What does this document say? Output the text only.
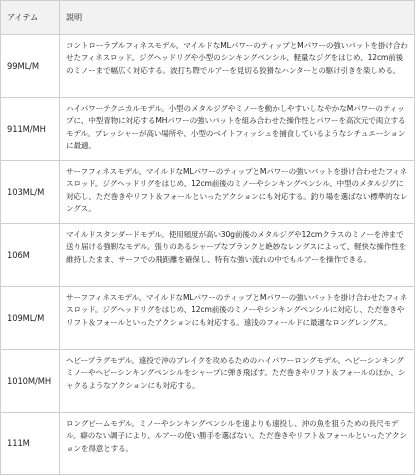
アイテム	説明
99ML/M
コントローラブルフィネスモデル。マイルドなMLパワーのティップとMパワーの強いバットを掛け合わせたフィネスロッド。ジグヘッドリグや小型のシンキングペンシル、軽量なジグをはじめ、12cm前後のミノーまで幅広く対応する。波打ち際でルアーを見切る狡猾なハンターとの駆け引きを楽しめる。
911M/MH
ハイパワーテクニカルモデル。小型のメタルジグやミノーを動かしやすいしなやかなMパワーのティップに、中型青物に対応するMHパワーの強いバットを組み合わせた操作性とパワーを高次元で両立するモデル。プレッシャーが高い場所や、小型のベイトフィッシュを捕食しているようなシチュエーションに最適。
103ML/M
サーフフィネスモデル。マイルドなMLパワーのティップとMパワーの強いバットを掛け合わせたフィネスロッド。ジグヘッドリグをはじめ、12cm前後のミノーやシンキングペンシル、中型のメタルジグに対応し、ただ巻きやリフト＆フォールといったアクションにも対応する。釣り場を選ばない標準的なレングス。
106M
マイルドスタンダードモデル。使用頻度が高い30g前後のメタルジグや12cmクラスのミノーを沖まで送り届ける強靭なモデル。張りのあるシャープなブランクと絶妙なレングスによって、軽快な操作性を維持したまま、サーフでの飛距離を確保し、特有な強い流れの中でもルアーを操作できる。
109ML/M
サーフフィネスモデル。マイルドなMLパワーのティップとMパワーの強いバットを掛け合わせたフィネスロッド。ジグヘッドリグをはじめ、12cm前後のミノーやシンキングペンシルに対応し、ただ巻きやリフト＆フォールといったアクションにも対応する。遠浅のフィールドに最適なロングレングス。
1010M/MH
ヘビープラグモデル。遠投で沖のブレイクを攻めるためのハイパワーロングモデル。ヘビーシンキングミノーやヘビーシンキングペンシルをシャープに弾き飛ばす。ただ巻きやリフト＆フォールのほか、シャクるようなアクションにも対応する。
111M
ロングビームモデル。ミノーやシンキングペンシルを遠よりも遠投し、沖の魚を狙うための長尺モデル。癖のない調子により、ルアーの使い勝手を選ばない。ただ巻きやリフト＆フォールといったアクションを得意とする。
